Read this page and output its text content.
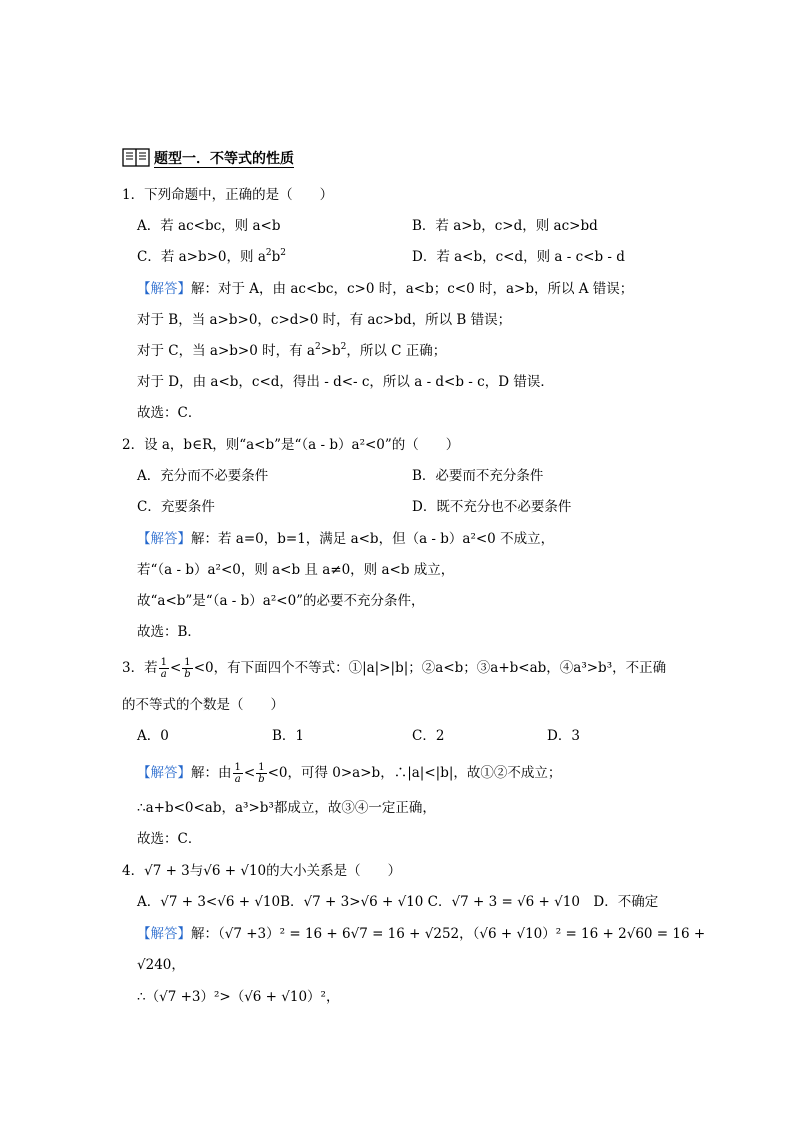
题型一．不等式的性质
1．下列命题中，正确的是（　　）
A．若 ac<bc，则 a<b	B．若 a>b，c>d，则 ac>bd
C．若 a>b>0，则 $a^2b^2$	D．若 a<b，c<d，则 a - c<b - d
【解答】解：对于 A，由 ac<bc，c>0 时，a<b；c<0 时，a>b，所以 A 错误；
对于 B，当 a>b>0，c>d>0 时，有 ac>bd，所以 B 错误；
对于 C，当 a>b>0 时，有 $a^2>b^2$，所以 C 正确；
对于 D，由 a<b，c<d，得出 - d<- c，所以 a - d<b - c，D 错误．
故选：C．
2．设 a，b∈R，则“a<b”是“（a - b）a²<0”的（　　）
A．充分而不必要条件	B．必要而不充分条件
C．充要条件	D．既不充分也不必要条件
【解答】解：若 a=0，b=1，满足 a<b，但（a - b）a²<0 不成立，
若“（a - b）a²<0，则 a<b 且 a≠0，则 a<b 成立，
故“a<b”是“（a - b）a²<0”的必要不充分条件，
故选：B．
3．若 $\frac{1}{a} < \frac{1}{b} <0$，有下面四个不等式：①|a|>|b|；②a<b；③a+b<ab，④a³>b³，不正确
的不等式的个数是（　　）
A．0	B．1	C．2	D．3
【解答】解：由 $\frac{1}{a} < \frac{1}{b} <0$，可得 0>a>b，∴|a|<|b|，故①②不成立；
∴a+b<0<ab，a³>b³都成立，故③④一定正确，
故选：C．
4．√7 + 3与√6 + √10的大小关系是（　　）
A．√7 + 3<√6 + √10B．√7 + 3>√6 + √10 C．√7 + 3 = √6 + √10　D．不确定
【解答】解：（√7 +3）² = 16 + 6√7 = 16 + √252，（√6 + √10）² = 16 + 2√60 = 16 +
√240，
∴（√7 +3）²>（√6 + √10）²，
